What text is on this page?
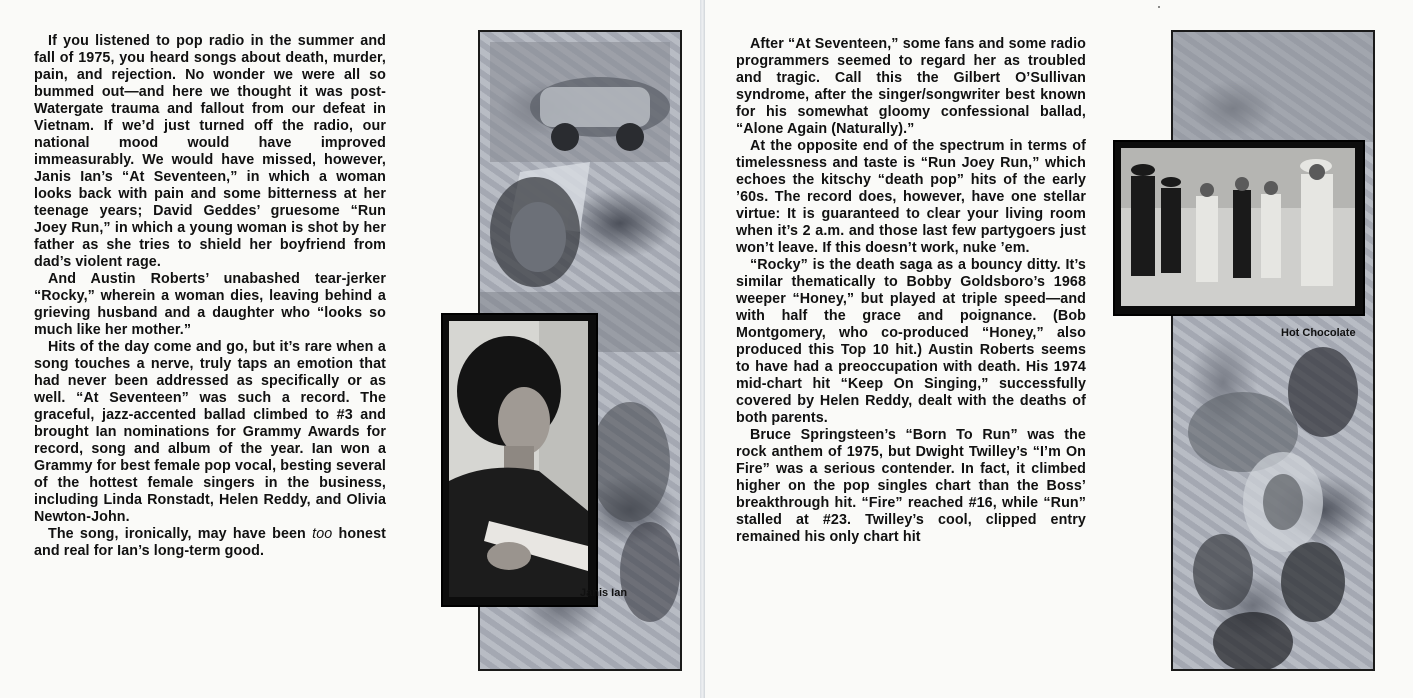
Janis Ian
Hot Chocolate

If you listened to pop radio in the summer and fall of 1975, you heard songs about death, murder, pain, and rejection. No wonder we were all so bummed out—and here we thought it was post-Watergate trauma and fallout from our defeat in Vietnam. If we’d just turned off the radio, our national mood would have improved immeasurably. We would have missed, however, Janis Ian’s “At Seventeen,” in which a woman looks back with pain and some bitterness at her teenage years; David Geddes’ gruesome “Run Joey Run,” in which a young woman is shot by her father as she tries to shield her boyfriend from dad’s violent rage.

And Austin Roberts’ unabashed tear-jerker “Rocky,” wherein a woman dies, leaving behind a grieving husband and a daughter who “looks so much like her mother.”

Hits of the day come and go, but it’s rare when a song touches a nerve, truly taps an emotion that had never been addressed as specifically or as well. “At Seventeen” was such a record. The graceful, jazz-accented ballad climbed to #3 and brought Ian nominations for Grammy Awards for record, song and album of the year. Ian won a Grammy for best female pop vocal, besting several of the hottest female singers in the business, including Linda Ronstadt, Helen Reddy, and Olivia Newton-John.

The song, ironically, may have been too honest and real for Ian’s long-term good.

After “At Seventeen,” some fans and some radio programmers seemed to regard her as troubled and tragic. Call this the Gilbert O’Sullivan syndrome, after the singer/songwriter best known for his somewhat gloomy confessional ballad, “Alone Again (Naturally).”

At the opposite end of the spectrum in terms of timelessness and taste is “Run Joey Run,” which echoes the kitschy “death pop” hits of the early ’60s. The record does, however, have one stellar virtue: It is guaranteed to clear your living room when it’s 2 a.m. and those last few partygoers just won’t leave. If this doesn’t work, nuke ’em.

“Rocky” is the death saga as a bouncy ditty. It’s similar thematically to Bobby Goldsboro’s 1968 weeper “Honey,” but played at triple speed—and with half the grace and poignance. (Bob Montgomery, who co-produced “Honey,” also produced this Top 10 hit.) Austin Roberts seems to have had a preoccupation with death. His 1974 mid-chart hit “Keep On Singing,” successfully covered by Helen Reddy, dealt with the deaths of both parents.

Bruce Springsteen’s “Born To Run” was the rock anthem of 1975, but Dwight Twilley’s “I’m On Fire” was a serious contender. In fact, it climbed higher on the pop singles chart than the Boss’ breakthrough hit. “Fire” reached #16, while “Run” stalled at #23. Twilley’s cool, clipped entry remained his only chart hit
